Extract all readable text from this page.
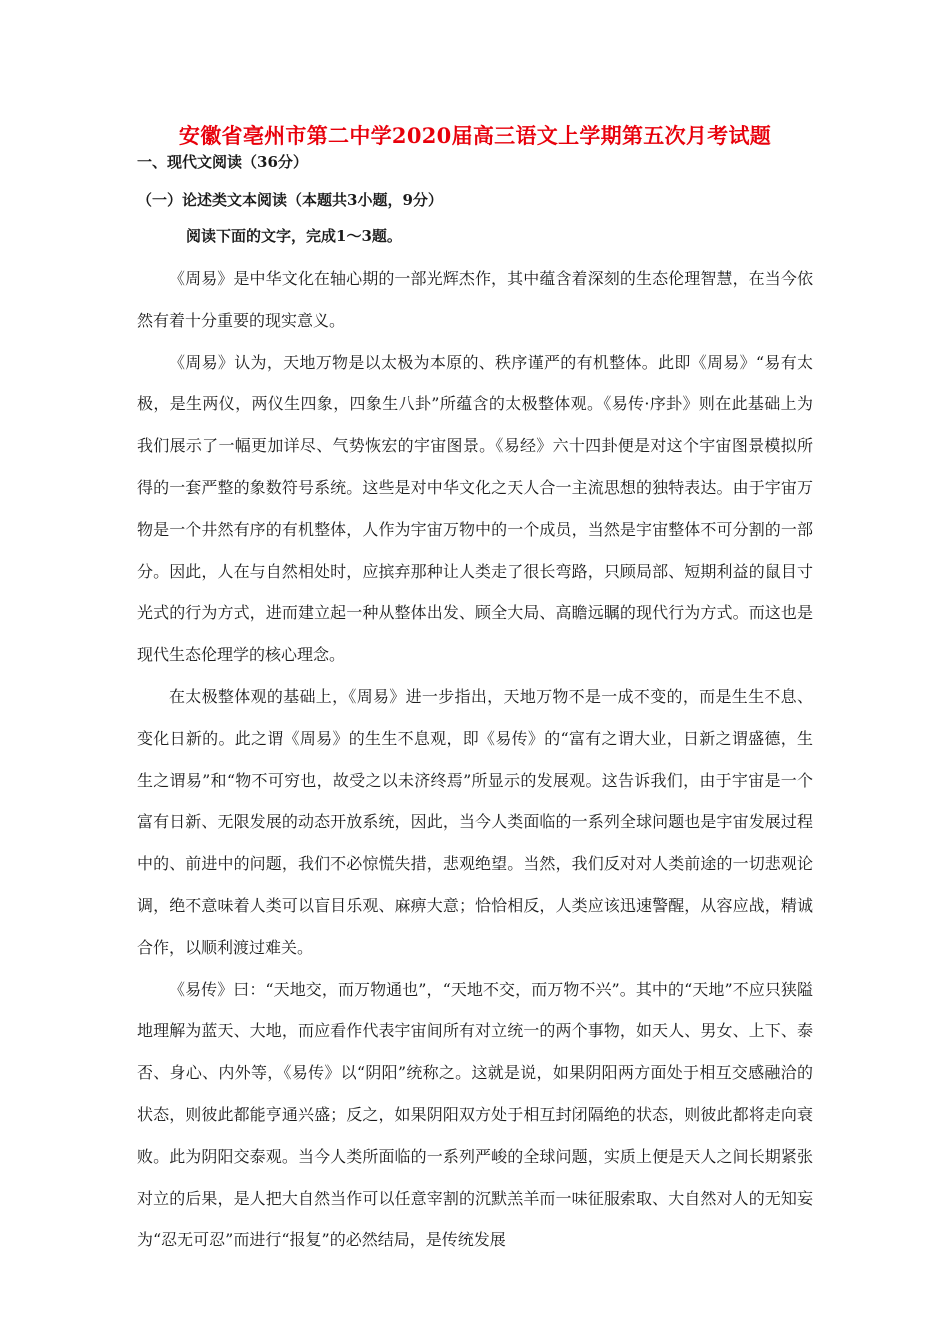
安徽省亳州市第二中学2020届高三语文上学期第五次月考试题
一、现代文阅读（36分）
（一）论述类文本阅读（本题共3小题，9分）
阅读下面的文字，完成1～3题。

《周易》是中华文化在轴心期的一部光辉杰作，其中蕴含着深刻的生态伦理智慧，在当今依然有着十分重要的现实意义。

《周易》认为，天地万物是以太极为本原的、秩序谨严的有机整体。此即《周易》“易有太极，是生两仪，两仪生四象，四象生八卦”所蕴含的太极整体观。《易传·序卦》则在此基础上为我们展示了一幅更加详尽、气势恢宏的宇宙图景。《易经》六十四卦便是对这个宇宙图景模拟所得的一套严整的象数符号系统。这些是对中华文化之天人合一主流思想的独特表达。由于宇宙万物是一个井然有序的有机整体，人作为宇宙万物中的一个成员，当然是宇宙整体不可分割的一部分。因此，人在与自然相处时，应摈弃那种让人类走了很长弯路，只顾局部、短期利益的鼠目寸光式的行为方式，进而建立起一种从整体出发、顾全大局、高瞻远瞩的现代行为方式。而这也是现代生态伦理学的核心理念。

在太极整体观的基础上，《周易》进一步指出，天地万物不是一成不变的，而是生生不息、变化日新的。此之谓《周易》的生生不息观，即《易传》的“富有之谓大业，日新之谓盛德，生生之谓易”和“物不可穷也，故受之以未济终焉”所显示的发展观。这告诉我们，由于宇宙是一个富有日新、无限发展的动态开放系统，因此，当今人类面临的一系列全球问题也是宇宙发展过程中的、前进中的问题，我们不必惊慌失措，悲观绝望。当然，我们反对对人类前途的一切悲观论调，绝不意味着人类可以盲目乐观、麻痹大意；恰恰相反，人类应该迅速警醒，从容应战，精诚合作，以顺利渡过难关。

《易传》曰：“天地交，而万物通也”，“天地不交，而万物不兴”。其中的“天地”不应只狭隘地理解为蓝天、大地，而应看作代表宇宙间所有对立统一的两个事物，如天人、男女、上下、泰否、身心、内外等，《易传》以“阴阳”统称之。这就是说，如果阴阳两方面处于相互交感融洽的状态，则彼此都能亨通兴盛；反之，如果阴阳双方处于相互封闭隔绝的状态，则彼此都将走向衰败。此为阴阳交泰观。当今人类所面临的一系列严峻的全球问题，实质上便是天人之间长期紧张对立的后果，是人把大自然当作可以任意宰割的沉默羔羊而一味征服索取、大自然对人的无知妄为“忍无可忍”而进行“报复”的必然结局，是传统发展
